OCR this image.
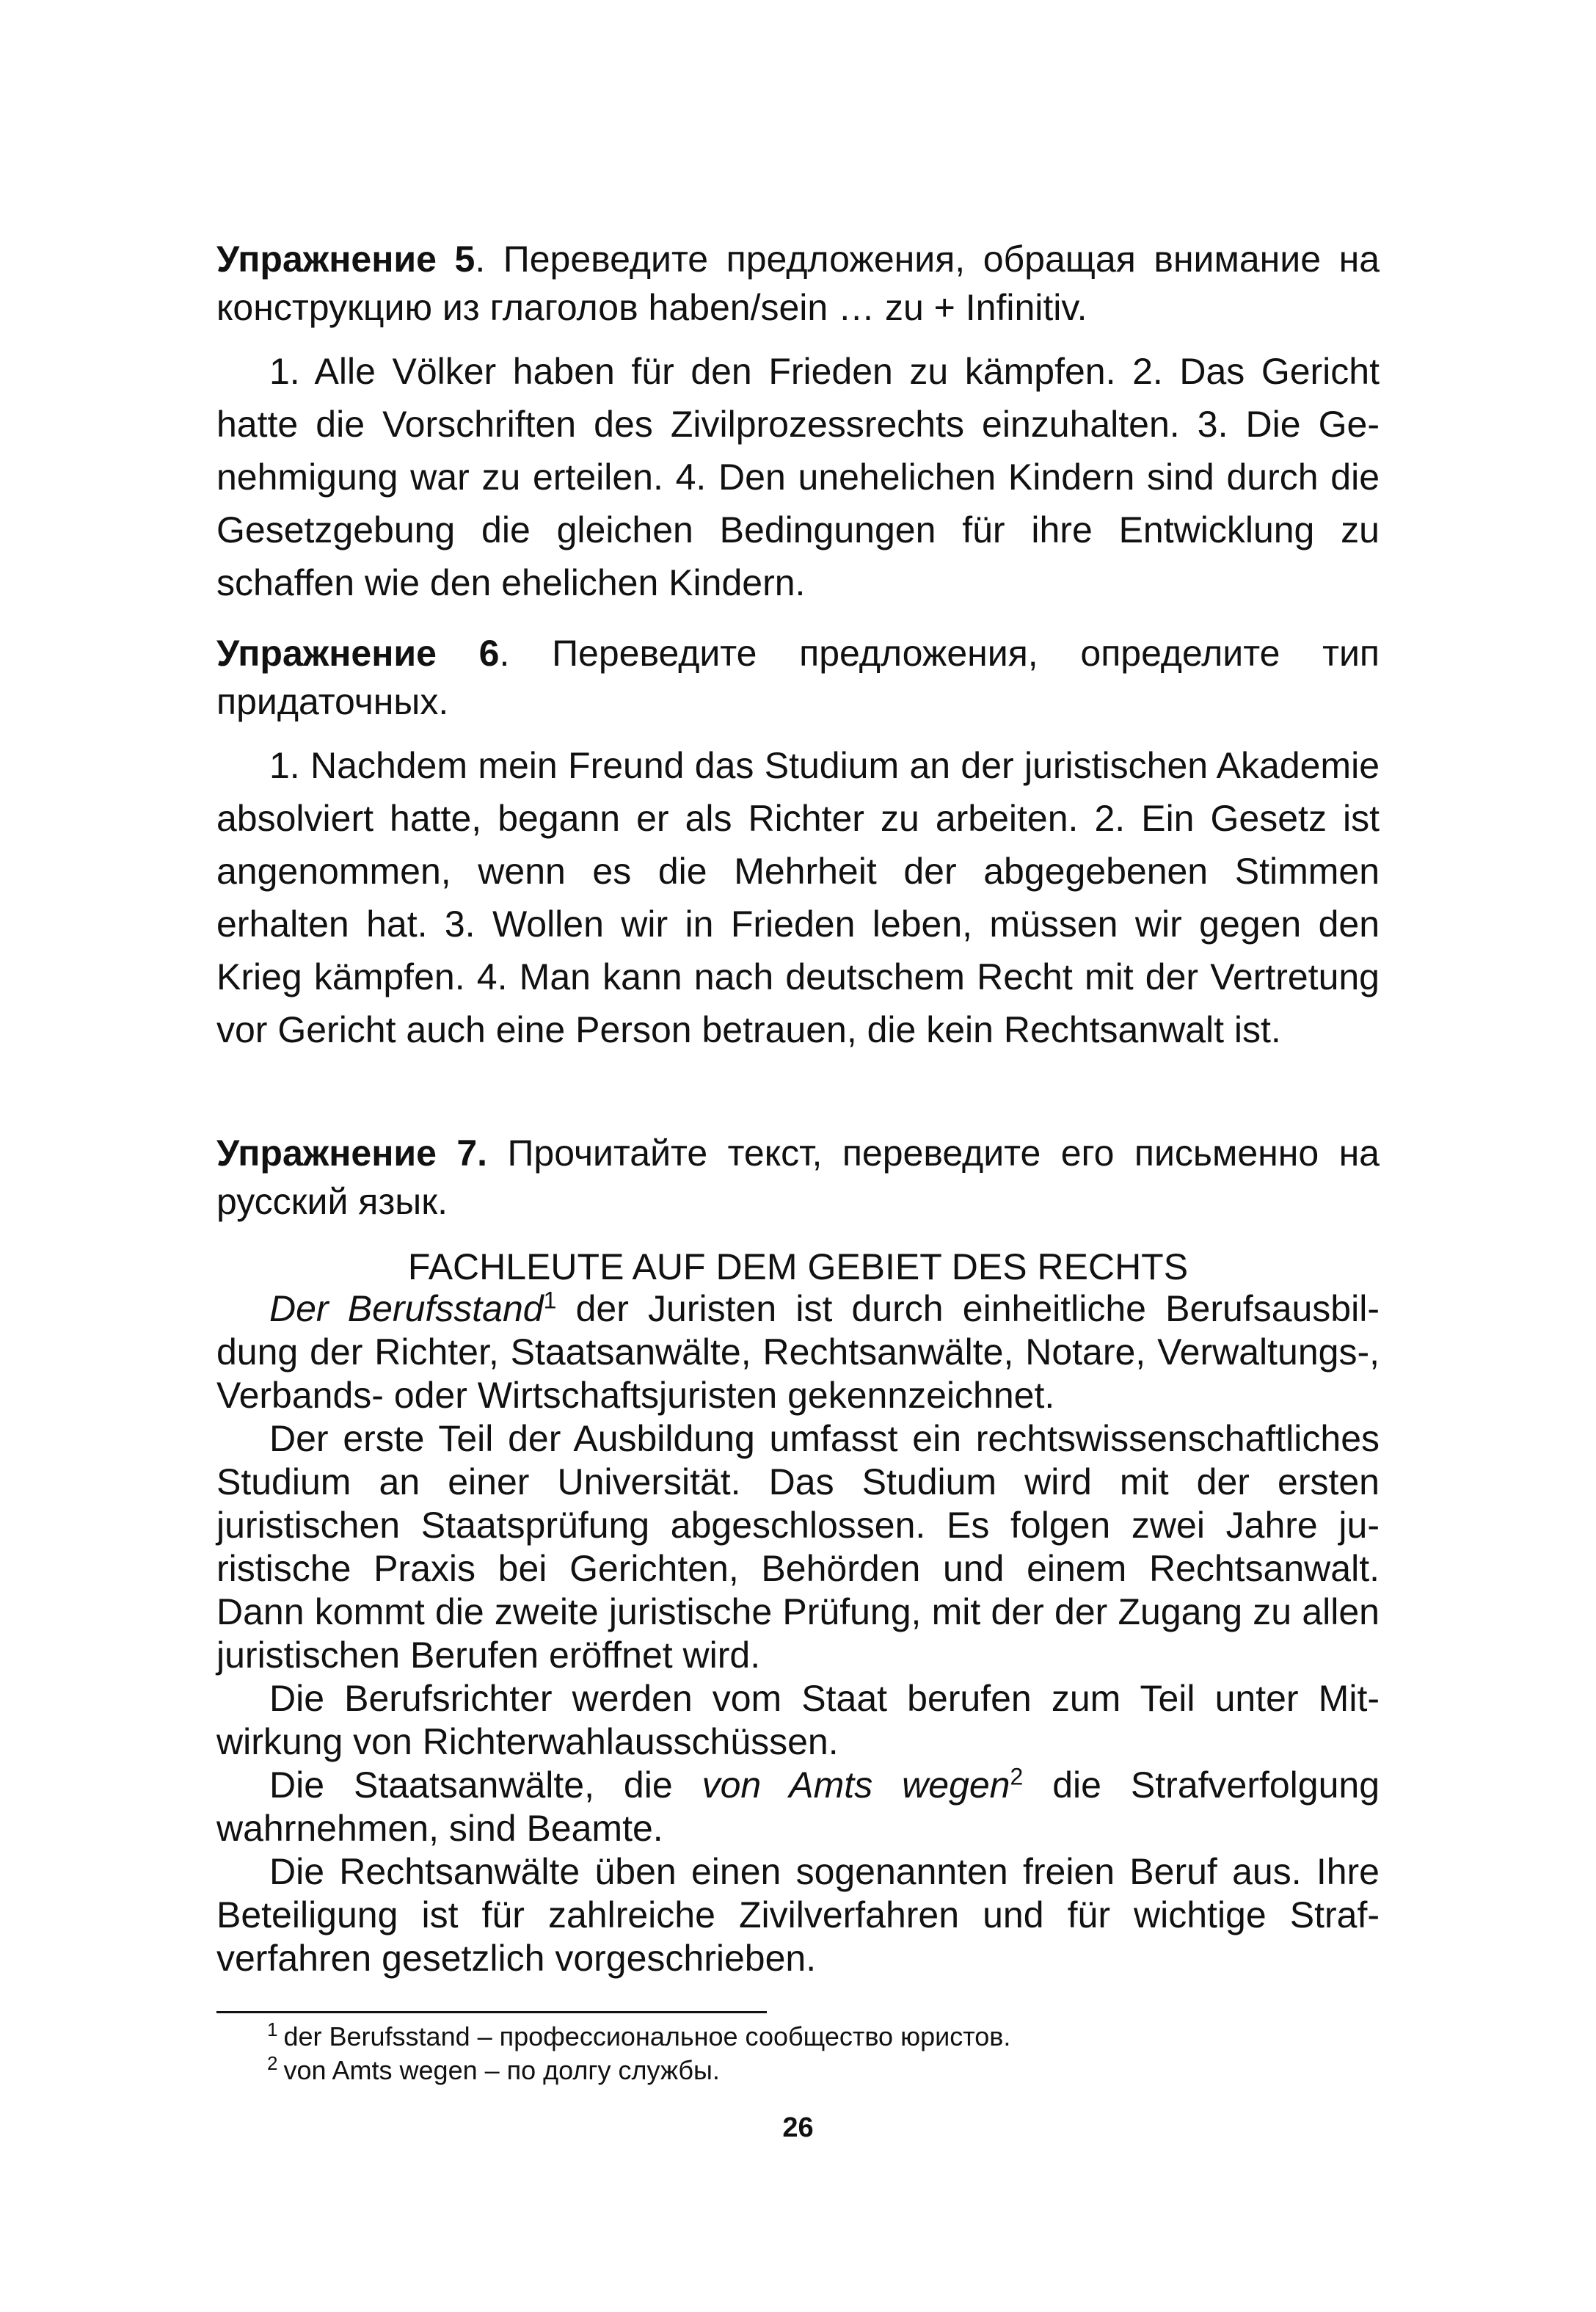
Упражнение 5. Переведите предложения, обращая внимание на конструкцию из глаголов haben/sein … zu + Infinitiv.

1. Alle Völker haben für den Frieden zu kämpfen. 2. Das Gericht hatte die Vorschriften des Zivilprozessrechts einzuhalten. 3. Die Genehmigung war zu erteilen. 4. Den unehelichen Kindern sind durch die Gesetzgebung die gleichen Bedingungen für ihre Entwicklung zu schaffen wie den ehelichen Kindern.

Упражнение 6. Переведите предложения, определите тип придаточных.

1. Nachdem mein Freund das Studium an der juristischen Akademie absolviert hatte, begann er als Richter zu arbeiten. 2. Ein Gesetz ist angenommen, wenn es die Mehrheit der abgegebenen Stimmen erhalten hat. 3. Wollen wir in Frieden leben, müssen wir gegen den Krieg kämpfen. 4. Man kann nach deutschem Recht mit der Vertretung vor Gericht auch eine Person betrauen, die kein Rechtsanwalt ist.

Упражнение 7. Прочитайте текст, переведите его письменно на русский язык.

FACHLEUTE AUF DEM GEBIET DES RECHTS

Der Berufsstand$^1$ der Juristen ist durch einheitliche Berufsausbildung der Richter, Staatsanwälte, Rechtsanwälte, Notare, Verwaltungs-, Verbands- oder Wirtschaftsjuristen gekennzeichnet.

Der erste Teil der Ausbildung umfasst ein rechtswissenschaftliches Studium an einer Universität. Das Studium wird mit der ersten juristischen Staatsprüfung abgeschlossen. Es folgen zwei Jahre juristische Praxis bei Gerichten, Behörden und einem Rechtsanwalt. Dann kommt die zweite juristische Prüfung, mit der der Zugang zu allen juristischen Berufen eröffnet wird.

Die Berufsrichter werden vom Staat berufen zum Teil unter Mitwirkung von Richterwahlausschüssen.

Die Staatsanwälte, die von Amts wegen$^2$ die Strafverfolgung wahrnehmen, sind Beamte.

Die Rechtsanwälte üben einen sogenannten freien Beruf aus. Ihre Beteiligung ist für zahlreiche Zivilverfahren und für wichtige Strafverfahren gesetzlich vorgeschrieben.

$^1$ der Berufsstand – профессиональное сообщество юристов.
$^2$ von Amts wegen – по долгу службы.

26
